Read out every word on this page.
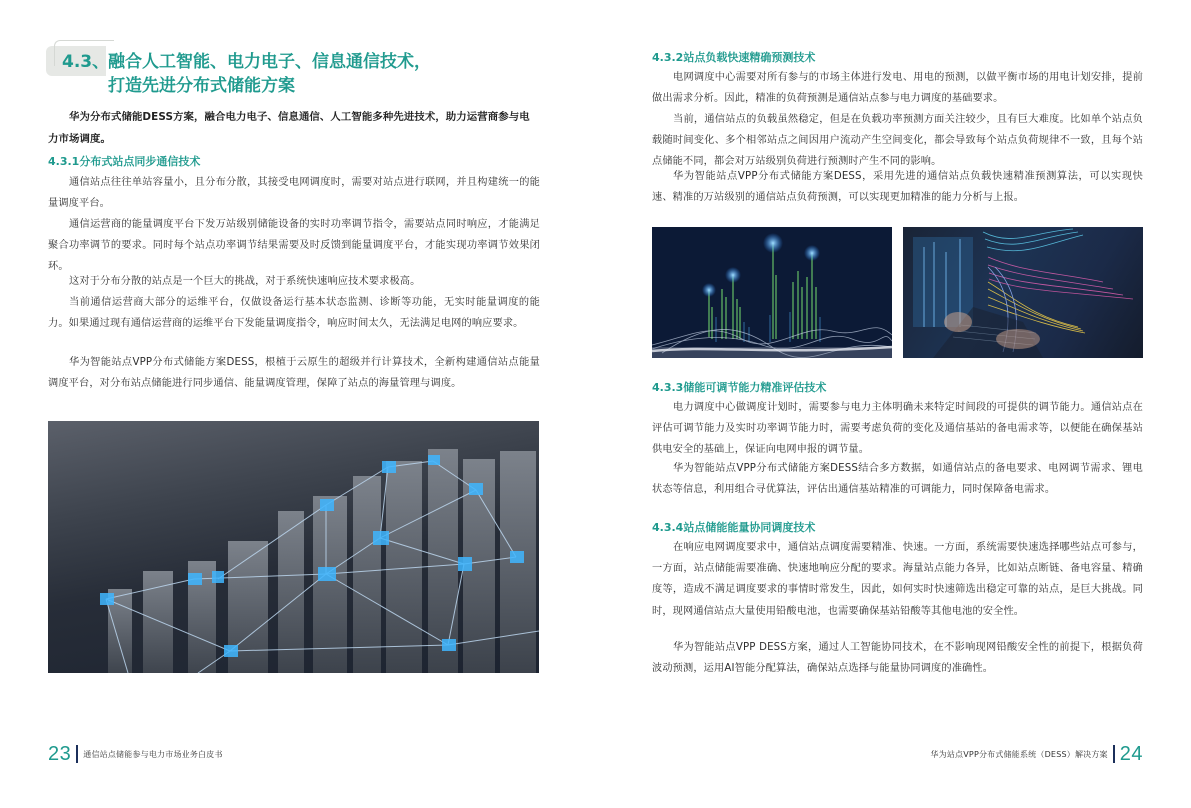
4.3、融合人工智能、电力电子、信息通信技术，
打造先进分布式储能方案

华为分布式储能DESS方案，融合电力电子、信息通信、人工智能多种先进技术，助力运营商参与电力市场调度。

4.3.1分布式站点同步通信技术

通信站点往往单站容量小，且分布分散，其接受电网调度时，需要对站点进行联网，并且构建统一的能量调度平台。

通信运营商的能量调度平台下发万站级别储能设备的实时功率调节指令，需要站点同时响应，才能满足聚合功率调节的要求。同时每个站点功率调节结果需要及时反馈到能量调度平台，才能实现功率调节效果闭环。

这对于分布分散的站点是一个巨大的挑战，对于系统快速响应技术要求极高。

当前通信运营商大部分的运维平台，仅做设备运行基本状态监测、诊断等功能，无实时能量调度的能力。如果通过现有通信运营商的运维平台下发能量调度指令，响应时间太久，无法满足电网的响应要求。

华为智能站点VPP分布式储能方案DESS，根植于云原生的超级并行计算技术，全新构建通信站点能量调度平台，对分布站点储能进行同步通信、能量调度管理，保障了站点的海量管理与调度。

23 通信站点储能参与电力市场业务白皮书
4.3.2站点负载快速精确预测技术

电网调度中心需要对所有参与的市场主体进行发电、用电的预测，以做平衡市场的用电计划安排，提前做出需求分析。因此，精准的负荷预测是通信站点参与电力调度的基础要求。

当前，通信站点的负载虽然稳定，但是在负载功率预测方面关注较少，且有巨大难度。比如单个站点负载随时间变化、多个相邻站点之间因用户流动产生空间变化，都会导致每个站点负荷规律不一致，且每个站点储能不同，都会对万站级别负荷进行预测时产生不同的影响。

华为智能站点VPP分布式储能方案DESS，采用先进的通信站点负载快速精准预测算法，可以实现快速、精准的万站级别的通信站点负荷预测，可以实现更加精准的能力分析与上报。

4.3.3储能可调节能力精准评估技术

电力调度中心做调度计划时，需要参与电力主体明确未来特定时间段的可提供的调节能力。通信站点在评估可调节能力及实时功率调节能力时，需要考虑负荷的变化及通信基站的备电需求等，以便能在确保基站供电安全的基础上，保证向电网申报的调节量。

华为智能站点VPP分布式储能方案DESS结合多方数据，如通信站点的备电要求、电网调节需求、锂电状态等信息，利用组合寻优算法，评估出通信基站精准的可调能力，同时保障备电需求。

4.3.4站点储能能量协同调度技术

在响应电网调度要求中，通信站点调度需要精准、快速。一方面，系统需要快速选择哪些站点可参与，一方面，站点储能需要准确、快速地响应分配的要求。海量站点能力各异，比如站点断链、备电容量、精确度等，造成不满足调度要求的事情时常发生，因此，如何实时快速筛选出稳定可靠的站点，是巨大挑战。同时，现网通信站点大量使用铅酸电池，也需要确保基站铅酸等其他电池的安全性。

华为智能站点VPP DESS方案，通过人工智能协同技术，在不影响现网铅酸安全性的前提下，根据负荷波动预测，运用AI智能分配算法，确保站点选择与能量协同调度的准确性。

华为站点VPP分布式储能系统（DESS）解决方案 24
